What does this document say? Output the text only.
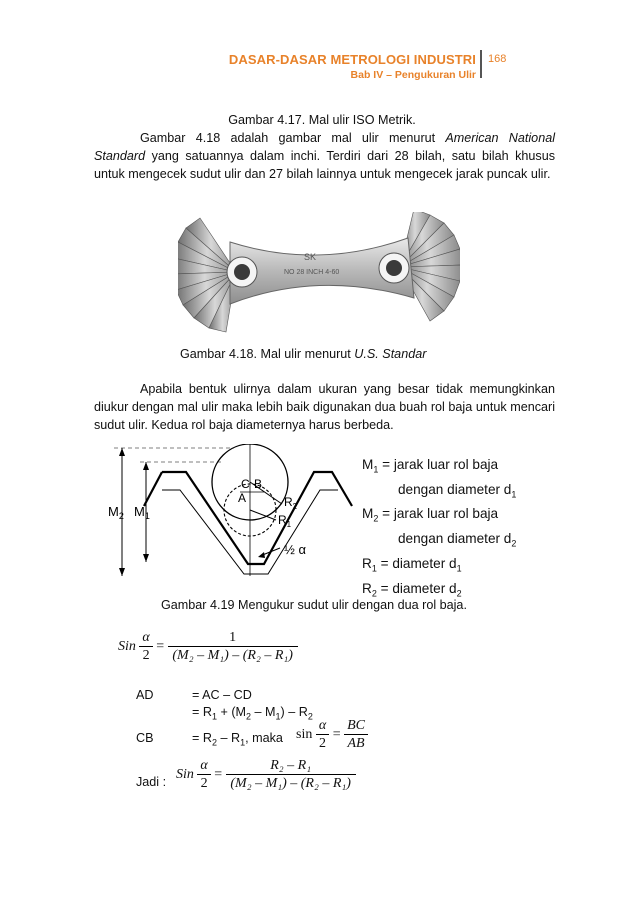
DASAR-DASAR METROLOGI INDUSTRI
Bab IV – Pengukuran Ulir
168
Gambar 4.17. Mal ulir ISO Metrik.
Gambar 4.18 adalah gambar mal ulir menurut American National Standard yang satuannya dalam inchi. Terdiri dari 28 bilah, satu bilah khusus untuk mengecek sudut ulir dan 27 bilah lainnya untuk mengecek jarak puncak ulir.
SK
NO 28 INCH 4-60
Gambar 4.18. Mal ulir menurut U.S. Standar
Apabila bentuk ulirnya dalam ukuran yang besar tidak memungkinkan diukur dengan mal ulir maka lebih baik digunakan dua buah rol baja untuk mencari sudut ulir. Kedua rol baja diameternya harus berbeda.
$M_2$ $M_1$
C B
A	$R_2$
$R_1$
½ α
$M_1$ = jarak luar rol baja
dengan diameter $d_1$
$M_2$ = jarak luar rol baja
dengan diameter $d_2$
$R_1$ = diameter $d_1$
$R_2$ = diameter $d_2$
Gambar 4.19 Mengukur sudut ulir dengan dua rol baja.
Sin $\frac{\alpha}{2} = \frac{1}{\text{(M₂ – M₁) – (R₂ – R₁)}}$
AD	= AC – CD
= $R_1 + (M_2 - M_1) - R_2$
CB	= $R_2 - R_1$, maka $\sin \frac{\alpha}{2} = \frac{BC}{AB}$
Jadi : Sin $\frac{\alpha}{2} = \frac{\text{R₂ – R₁}}{\text{(M₂ – M₁) – (R₂ – R₁)}}$
